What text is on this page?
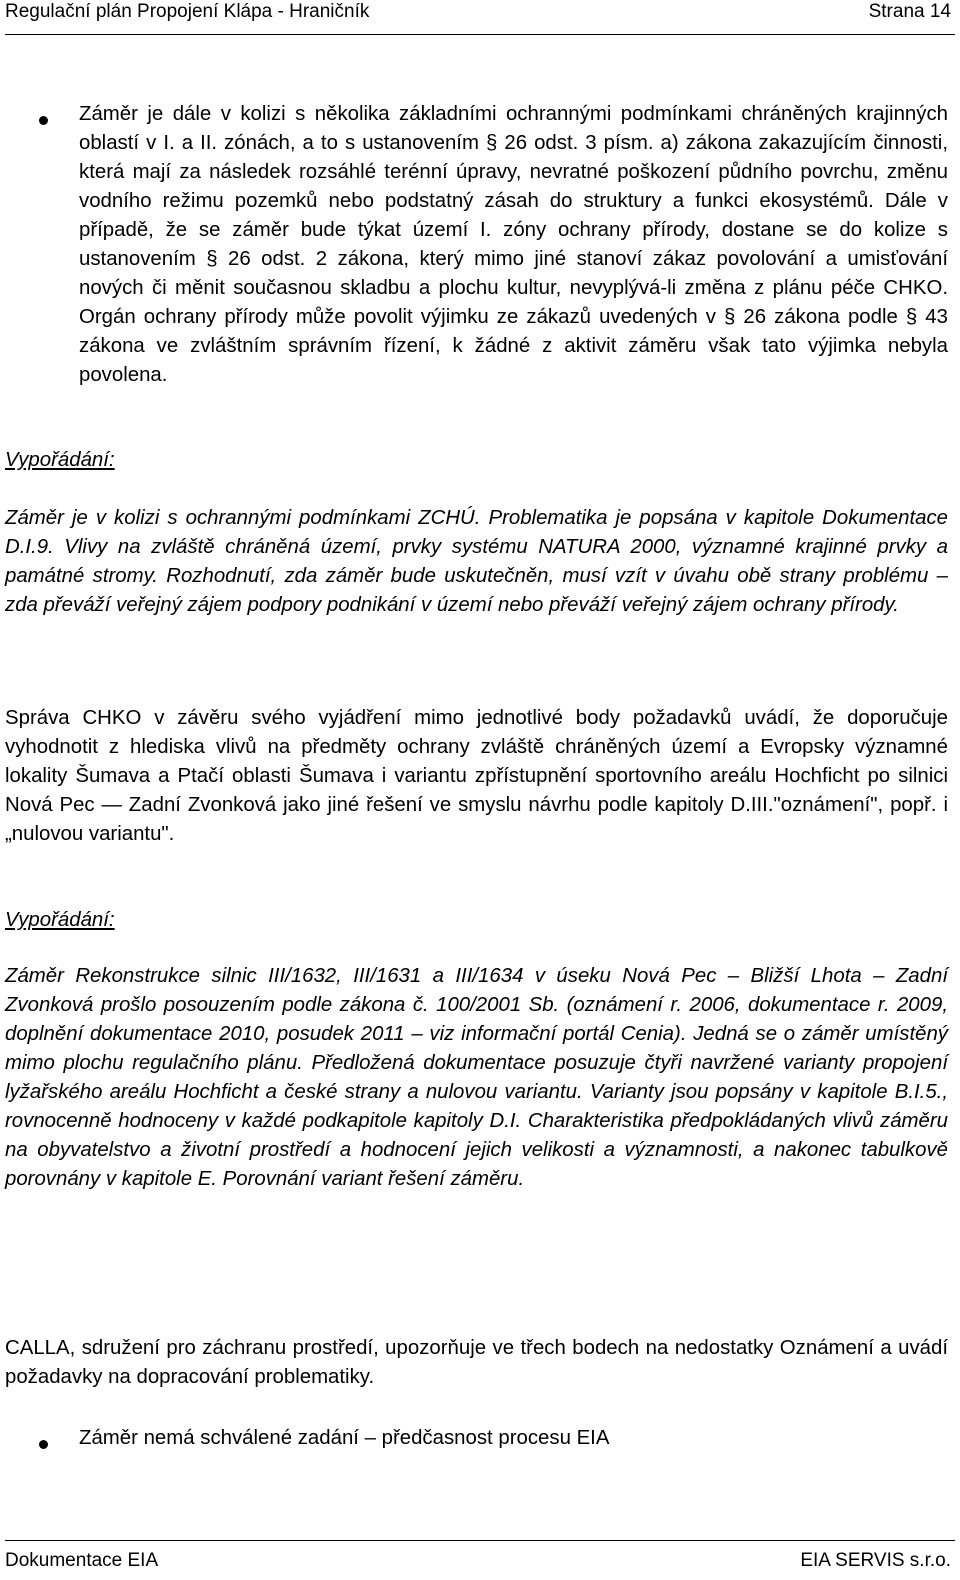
Regulační plán Propojení Klápa - Hraničník	Strana 14
Záměr je dále v kolizi s několika základními ochrannými podmínkami chráněných krajinných oblastí v I. a II. zónách, a to s ustanovením § 26 odst. 3 písm. a) zákona zakazujícím činnosti, která mají za následek rozsáhlé terénní úpravy, nevratné poškození půdního povrchu, změnu vodního režimu pozemků nebo podstatný zásah do struktury a funkci ekosystémů. Dále v případě, že se záměr bude týkat území I. zóny ochrany přírody, dostane se do kolize s ustanovením § 26 odst. 2 zákona, který mimo jiné stanoví zákaz povolování a umisťování nových či měnit současnou skladbu a plochu kultur, nevyplývá-li změna z plánu péče CHKO. Orgán ochrany přírody může povolit výjimku ze zákazů uvedených v § 26 zákona podle § 43 zákona ve zvláštním správním řízení, k žádné z aktivit záměru však tato výjimka nebyla povolena.
Vypořádání:
Záměr je v kolizi s ochrannými podmínkami ZCHÚ. Problematika je popsána v kapitole Dokumentace D.I.9. Vlivy na zvláště chráněná území, prvky systému NATURA 2000, významné krajinné prvky a památné stromy. Rozhodnutí, zda záměr bude uskutečněn, musí vzít v úvahu obě strany problému – zda převáží veřejný zájem podpory podnikání v území nebo převáží veřejný zájem ochrany přírody.
Správa CHKO v závěru svého vyjádření mimo jednotlivé body požadavků uvádí, že doporučuje vyhodnotit z hlediska vlivů na předměty ochrany zvláště chráněných území a Evropsky významné lokality Šumava a Ptačí oblasti Šumava i variantu zpřístupnění sportovního areálu Hochficht po silnici Nová Pec — Zadní Zvonková jako jiné řešení ve smyslu návrhu podle kapitoly D.III."oznámení", popř. i „nulovou variantu".
Vypořádání:
Záměr Rekonstrukce silnic III/1632, III/1631 a III/1634 v úseku Nová Pec – Bližší Lhota – Zadní Zvonková prošlo posouzením podle zákona č. 100/2001 Sb. (oznámení r. 2006, dokumentace r. 2009, doplnění dokumentace 2010, posudek 2011 – viz informační portál Cenia). Jedná se o záměr umístěný mimo plochu regulačního plánu. Předložená dokumentace posuzuje čtyři navržené varianty propojení lyžařského areálu Hochficht a české strany a nulovou variantu. Varianty jsou popsány v kapitole B.I.5., rovnocenně hodnoceny v každé podkapitole kapitoly D.I. Charakteristika předpokládaných vlivů záměru na obyvatelstvo a životní prostředí a hodnocení jejich velikosti a významnosti, a nakonec tabulkově porovnány v kapitole E. Porovnání variant řešení záměru.
CALLA, sdružení pro záchranu prostředí, upozorňuje ve třech bodech na nedostatky Oznámení a uvádí požadavky na dopracování problematiky.
Záměr nemá schválené zadání – předčasnost procesu EIA
Dokumentace EIA	EIA SERVIS s.r.o.
